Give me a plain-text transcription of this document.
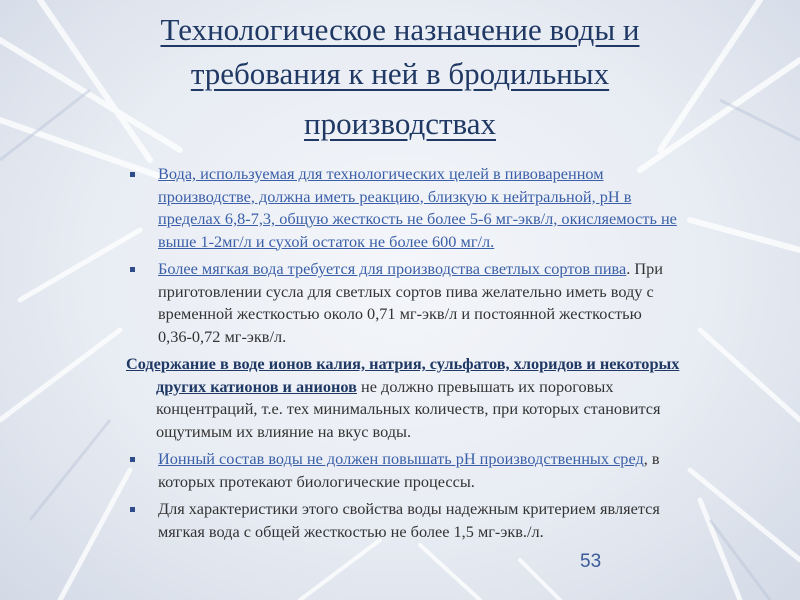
Технологическое назначение воды и
требования к ней в бродильных
производствах
Вода, используемая для технологических целей в пивоваренном
производстве, должна иметь реакцию, близкую к нейтральной, рН в
пределах 6,8-7,3, общую жесткость не более 5-6 мг-экв/л, окисляемость не
выше 1-2мг/л и сухой остаток не более 600 мг/л.
Более мягкая вода требуется для производства светлых сортов пива. При
приготовлении сусла для светлых сортов пива желательно иметь воду с
временной жесткостью около 0,71 мг-экв/л и постоянной жесткостью
0,36-0,72 мг-экв/л.
Содержание в воде ионов калия, натрия, сульфатов, хлоридов и некоторых
других катионов и анионов не должно превышать их пороговых
концентраций, т.е. тех минимальных количеств, при которых становится
ощутимым их влияние на вкус воды.
Ионный состав воды не должен повышать рН производственных сред, в
которых протекают биологические процессы.
Для характеристики этого свойства воды надежным критерием является
мягкая вода с общей жесткостью не более 1,5 мг-экв./л.
53
